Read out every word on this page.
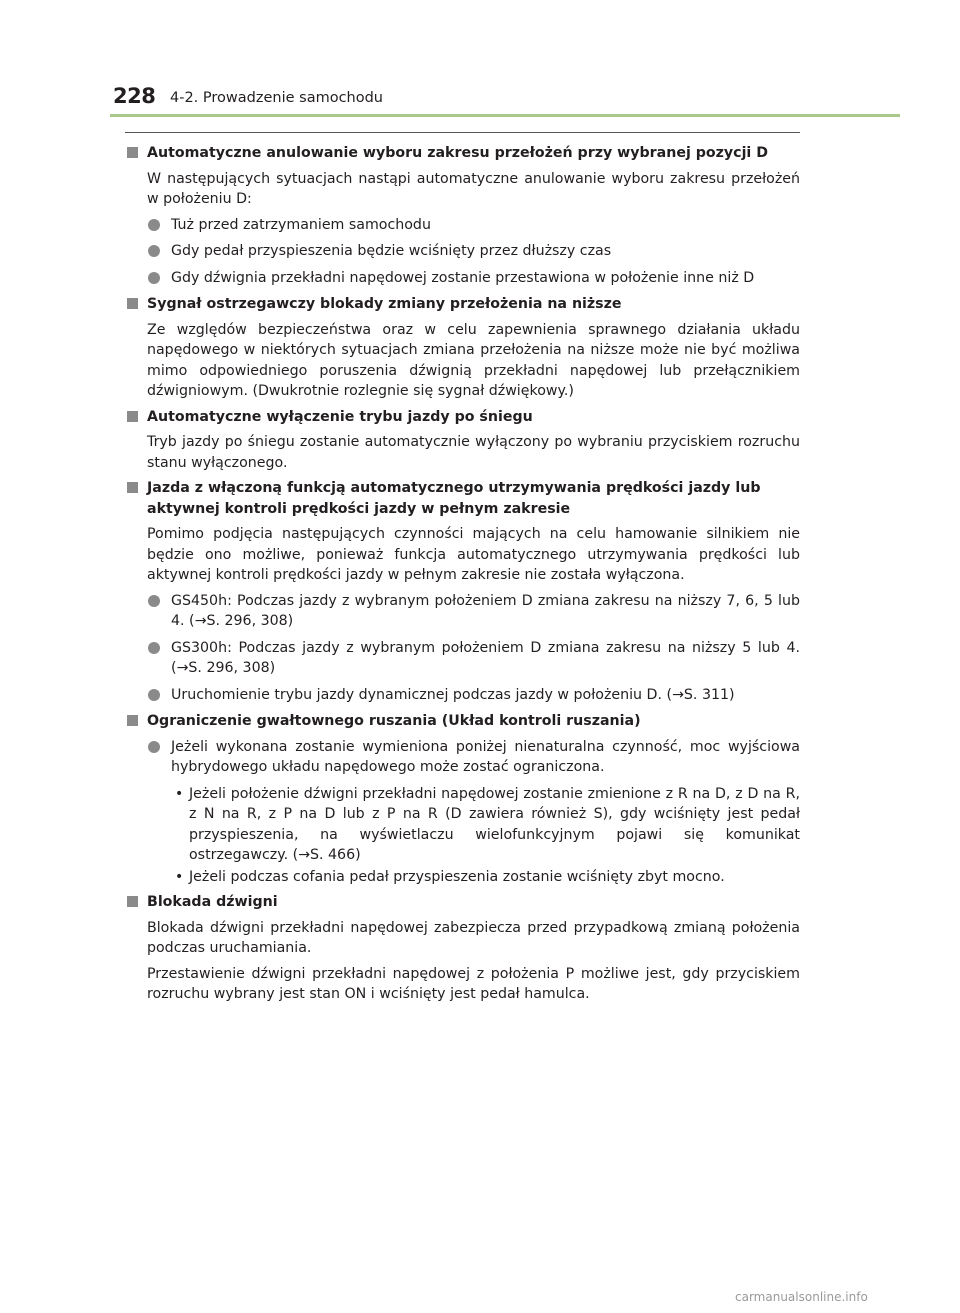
228 4-2. Prowadzenie samochodu
Automatyczne anulowanie wyboru zakresu przełożeń przy wybranej pozycji D

W następujących sytuacjach nastąpi automatyczne anulowanie wyboru zakresu przełożeń w położeniu D:

Tuż przed zatrzymaniem samochodu
Gdy pedał przyspieszenia będzie wciśnięty przez dłuższy czas
Gdy dźwignia przekładni napędowej zostanie przestawiona w położenie inne niż D
Sygnał ostrzegawczy blokady zmiany przełożenia na niższe

Ze względów bezpieczeństwa oraz w celu zapewnienia sprawnego działania układu napędowego w niektórych sytuacjach zmiana przełożenia na niższe może nie być możliwa mimo odpowiedniego poruszenia dźwignią przekładni napędowej lub przełącznikiem dźwigniowym. (Dwukrotnie rozlegnie się sygnał dźwiękowy.)

Automatyczne wyłączenie trybu jazdy po śniegu

Tryb jazdy po śniegu zostanie automatycznie wyłączony po wybraniu przyciskiem rozruchu stanu wyłączonego.

Jazda z włączoną funkcją automatycznego utrzymywania prędkości jazdy lub aktywnej kontroli prędkości jazdy w pełnym zakresie

Pomimo podjęcia następujących czynności mających na celu hamowanie silnikiem nie będzie ono możliwe, ponieważ funkcja automatycznego utrzymywania prędkości lub aktywnej kontroli prędkości jazdy w pełnym zakresie nie została wyłączona.

GS450h: Podczas jazdy z wybranym położeniem D zmiana zakresu na niższy 7, 6, 5 lub 4. (→S. 296, 308)
GS300h: Podczas jazdy z wybranym położeniem D zmiana zakresu na niższy 5 lub 4. (→S. 296, 308)
Uruchomienie trybu jazdy dynamicznej podczas jazdy w położeniu D. (→S. 311)
Ograniczenie gwałtownego ruszania (Układ kontroli ruszania)
Jeżeli wykonana zostanie wymieniona poniżej nienaturalna czynność, moc wyjściowa hybrydowego układu napędowego może zostać ograniczona.
• Jeżeli położenie dźwigni przekładni napędowej zostanie zmienione z R na D, z D na R, z N na R, z P na D lub z P na R (D zawiera również S), gdy wciśnięty jest pedał przyspieszenia, na wyświetlaczu wielofunkcyjnym pojawi się komunikat ostrzegawczy. (→S. 466)
• Jeżeli podczas cofania pedał przyspieszenia zostanie wciśnięty zbyt mocno.
Blokada dźwigni

Blokada dźwigni przekładni napędowej zabezpiecza przed przypadkową zmianą położenia podczas uruchamiania.

Przestawienie dźwigni przekładni napędowej z położenia P możliwe jest, gdy przyciskiem rozruchu wybrany jest stan ON i wciśnięty jest pedał hamulca.

carmanualsonline.info
